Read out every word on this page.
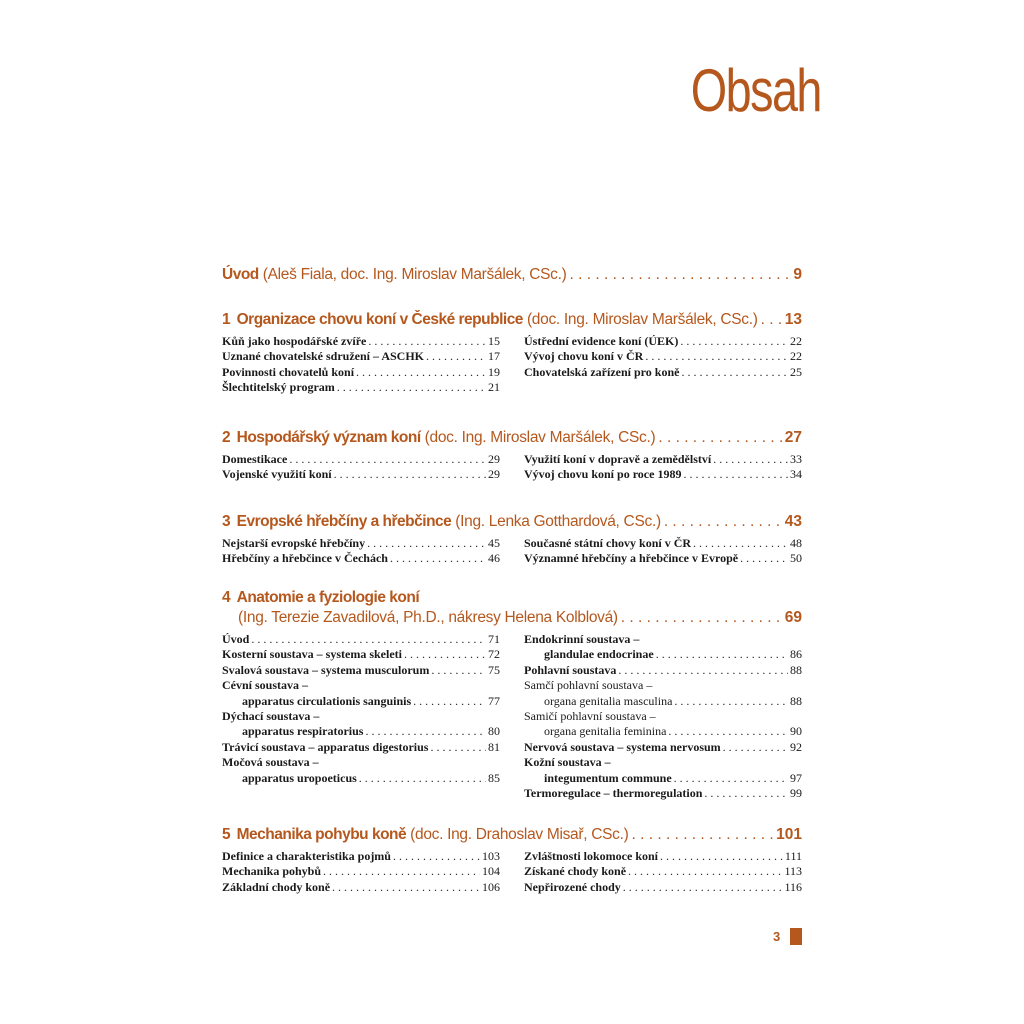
Obsah
Úvod (Aleš Fiala, doc. Ing. Miroslav Maršálek, CSc.) . . .	9
1 Organizace chovu koní v České republice (doc. Ing. Miroslav Maršálek, CSc.) . . . 13
Kůň jako hospodářské zvíře . . .	15
Uznané chovatelské sdružení – ASCHK . . .	17
Povinnosti chovatelů koní . . .	19
Šlechtitelský program . . .	21
Ústřední evidence koní (ÚEK) . . .	22
Vývoj chovu koní v ČR . . .	22
Chovatelská zařízení pro koně . . .	25
2 Hospodářský význam koní (doc. Ing. Miroslav Maršálek, CSc.) . . .	27
Domestikace . . .	29
Vojenské využití koní . . .	29
Využití koní v dopravě a zemědělství . . .	33
Vývoj chovu koní po roce 1989 . . .	34
3 Evropské hřebčíny a hřebčince (Ing. Lenka Gotthardová, CSc.) . . .	43
Nejstarší evropské hřebčíny . . .	45
Hřebčíny a hřebčince v Čechách . . .	46
Současné státní chovy koní v ČR . . .	48
Významné hřebčíny a hřebčince v Evropě . . .	50
4 Anatomie a fyziologie koní
(Ing. Terezie Zavadilová, Ph.D., nákresy Helena Kolblová) . . .	69
Úvod . . .	71
Kosterní soustava – systema skeleti . . .	72
Svalová soustava – systema musculorum . . .	75
Cévní soustava –
apparatus circulationis sanguinis . . .	77
Dýchací soustava –
apparatus respiratorius . . .	80
Trávicí soustava – apparatus digestorius . . .	81
Močová soustava –
apparatus uropoeticus . . .	85
Endokrinní soustava –
glandulae endocrinae . . .	86
Pohlavní soustava . . .	88
Samčí pohlavní soustava –
organa genitalia masculina . . .	88
Samičí pohlavní soustava –
organa genitalia feminina . . .	90
Nervová soustava – systema nervosum . . .	92
Kožní soustava –
integumentum commune . . .	97
Termoregulace – thermoregulation . . .	99
5 Mechanika pohybu koně (doc. Ing. Drahoslav Misař, CSc.) . . .	101
Definice a charakteristika pojmů . . .	103
Mechanika pohybů . . .	104
Základní chody koně . . .	106
Zvláštnosti lokomoce koní . . .	111
Získané chody koně . . .	113
Nepřirozené chody . . .	116
3
